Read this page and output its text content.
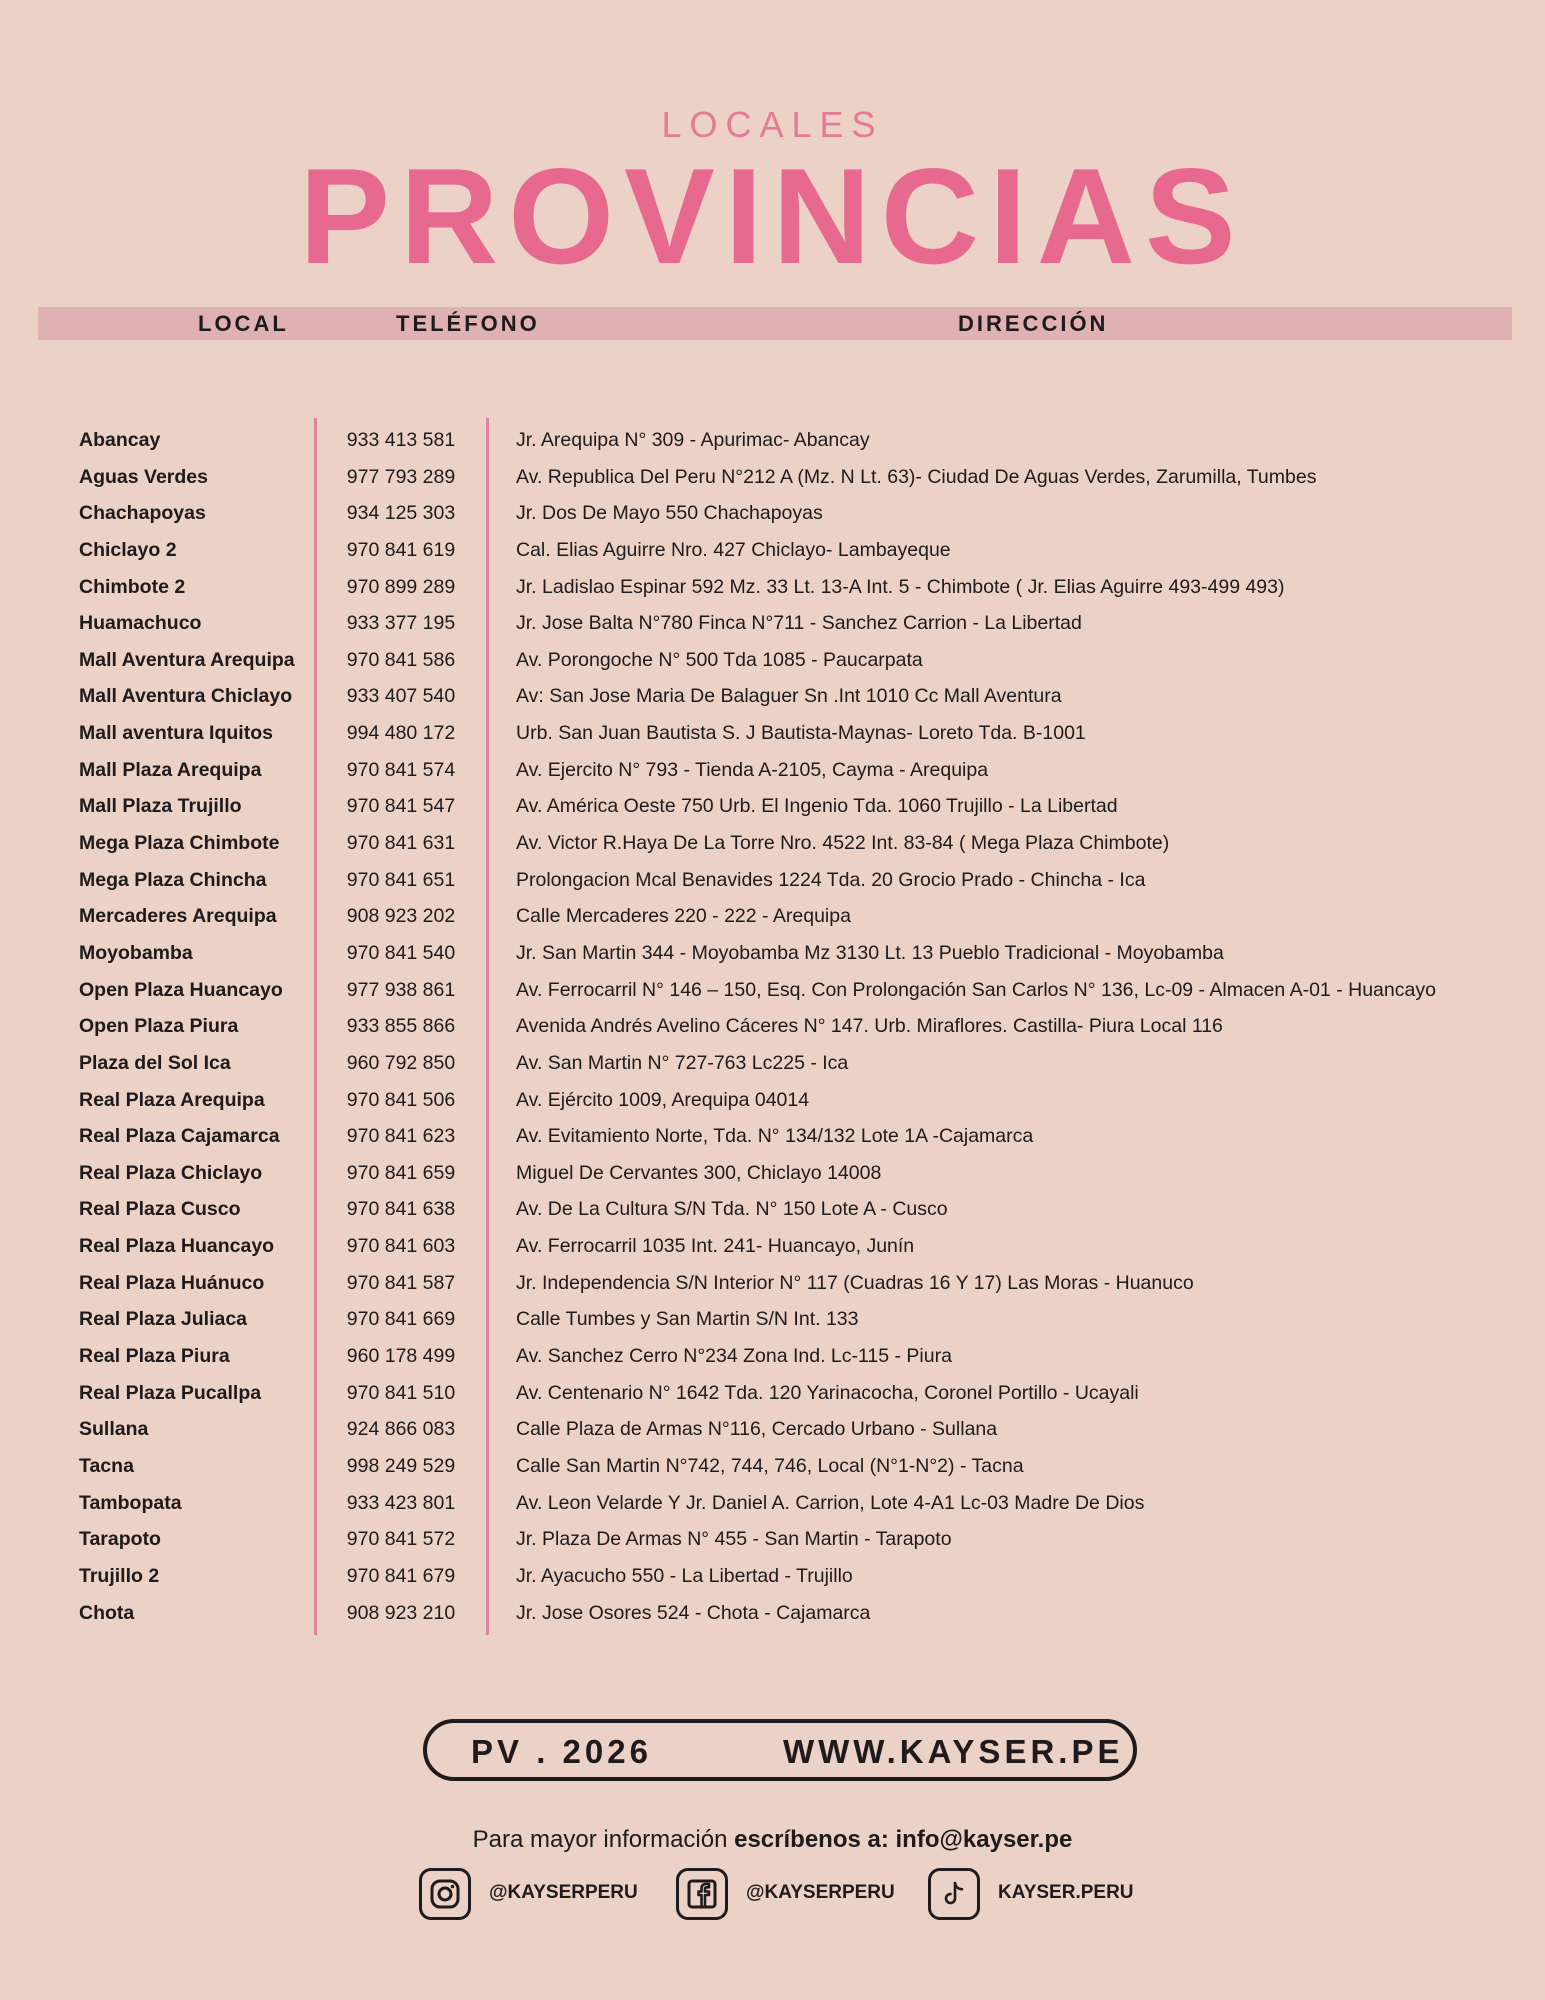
LOCALES
PROVINCIAS
LOCAL	TELÉFONO	DIRECCIÓN
Abancay	933 413 581	Jr. Arequipa N° 309 - Apurimac- Abancay
Aguas Verdes	977 793 289	Av. Republica Del Peru N°212 A (Mz. N Lt. 63)- Ciudad De Aguas Verdes, Zarumilla, Tumbes
Chachapoyas	934 125 303	Jr. Dos De Mayo 550 Chachapoyas
Chiclayo 2	970 841 619	Cal. Elias Aguirre Nro. 427 Chiclayo- Lambayeque
Chimbote 2	970 899 289	Jr. Ladislao Espinar 592 Mz. 33 Lt. 13-A Int. 5 - Chimbote ( Jr. Elias Aguirre 493-499 493)
Huamachuco	933 377 195	Jr. Jose Balta N°780 Finca N°711 - Sanchez Carrion - La Libertad
Mall Aventura Arequipa	970 841 586	Av. Porongoche N° 500 Tda 1085 - Paucarpata
Mall Aventura Chiclayo	933 407 540	Av: San Jose Maria De Balaguer Sn .Int 1010 Cc Mall Aventura
Mall aventura Iquitos	994 480 172	Urb. San Juan Bautista S. J Bautista-Maynas- Loreto Tda. B-1001
Mall Plaza Arequipa	970 841 574	Av. Ejercito N° 793 - Tienda A-2105, Cayma - Arequipa
Mall Plaza Trujillo	970 841 547	Av. América Oeste 750 Urb. El Ingenio Tda. 1060 Trujillo - La Libertad
Mega Plaza Chimbote	970 841 631	Av. Victor R.Haya De La Torre Nro. 4522 Int. 83-84 ( Mega Plaza Chimbote)
Mega Plaza Chincha	970 841 651	Prolongacion Mcal Benavides 1224 Tda. 20 Grocio Prado - Chincha - Ica
Mercaderes Arequipa	908 923 202	Calle Mercaderes 220 - 222 - Arequipa
Moyobamba	970 841 540	Jr. San Martin 344 - Moyobamba Mz 3130 Lt. 13 Pueblo Tradicional - Moyobamba
Open Plaza Huancayo	977 938 861	Av. Ferrocarril N° 146 – 150, Esq. Con Prolongación San Carlos N° 136, Lc-09 - Almacen A-01 - Huancayo
Open Plaza Piura	933 855 866	Avenida Andrés Avelino Cáceres N° 147. Urb. Miraflores. Castilla- Piura Local 116
Plaza del Sol Ica	960 792 850	Av. San Martin N° 727-763 Lc225 - Ica
Real Plaza Arequipa	970 841 506	Av. Ejército 1009, Arequipa 04014
Real Plaza Cajamarca	970 841 623	Av. Evitamiento Norte, Tda. N° 134/132 Lote 1A -Cajamarca
Real Plaza Chiclayo	970 841 659	Miguel De Cervantes 300, Chiclayo 14008
Real Plaza Cusco	970 841 638	Av. De La Cultura S/N Tda. N° 150 Lote A - Cusco
Real Plaza Huancayo	970 841 603	Av. Ferrocarril 1035 Int. 241- Huancayo, Junín
Real Plaza Huánuco	970 841 587	Jr. Independencia S/N Interior N° 117 (Cuadras 16 Y 17) Las Moras - Huanuco
Real Plaza Juliaca	970 841 669	Calle Tumbes y San Martin S/N Int. 133
Real Plaza Piura	960 178 499	Av. Sanchez Cerro N°234 Zona Ind. Lc-115 - Piura
Real Plaza Pucallpa	970 841 510	Av. Centenario N° 1642 Tda. 120 Yarinacocha, Coronel Portillo - Ucayali
Sullana	924 866 083	Calle Plaza de Armas N°116, Cercado Urbano - Sullana
Tacna	998 249 529	Calle San Martin N°742, 744, 746, Local (N°1-N°2) - Tacna
Tambopata	933 423 801	Av. Leon Velarde Y Jr. Daniel A. Carrion, Lote 4-A1 Lc-03 Madre De Dios
Tarapoto	970 841 572	Jr. Plaza De Armas N° 455 - San Martin - Tarapoto
Trujillo 2	970 841 679	Jr. Ayacucho 550 - La Libertad - Trujillo
Chota	908 923 210	Jr. Jose Osores 524 - Chota - Cajamarca
PV . 2026	WWW.KAYSER.PE
Para mayor información escríbenos a: info@kayser.pe
@KAYSERPERU	@KAYSERPERU	KAYSER.PERU
